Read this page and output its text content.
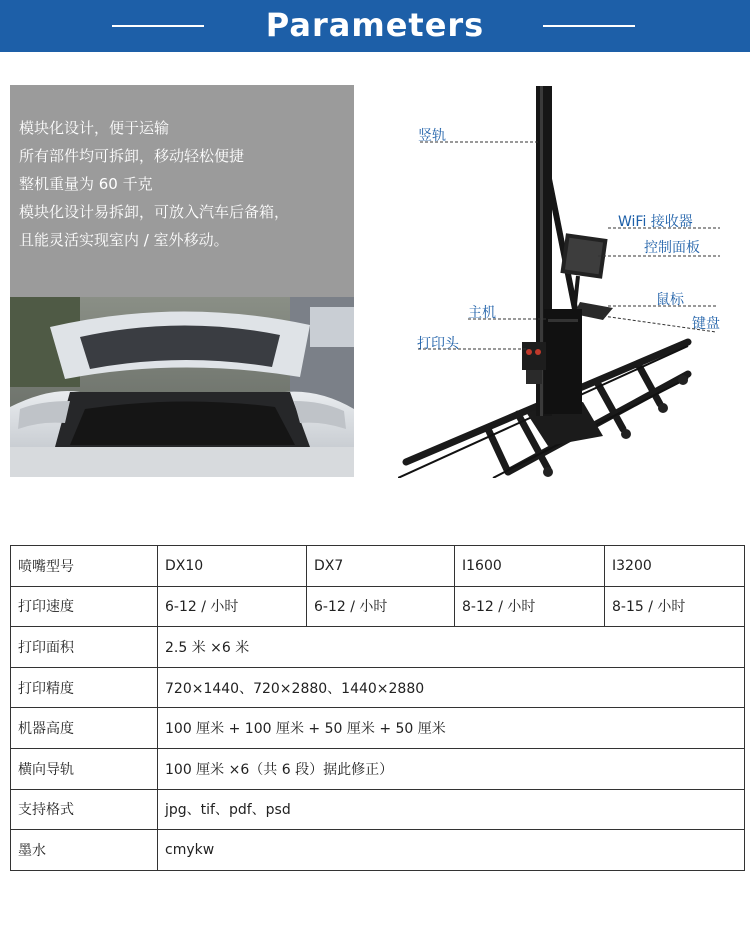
Parameters
模块化设计，便于运输
所有部件均可拆卸，移动轻松便捷
整机重量为 60 千克
模块化设计易拆卸，可放入汽车后备箱，
且能灵活实现室内 / 室外移动。
竖轨
WiFi 接收器
控制面板
鼠标
主机
键盘
打印头
喷嘴型号	DX10	DX7	I1600	I3200
打印速度	6-12 / 小时	6-12 / 小时	8-12 / 小时	8-15 / 小时
打印面积	2.5 米 ×6 米			
打印精度	720×1440、720×2880、1440×2880			
机器高度	100 厘米 + 100 厘米 + 50 厘米 + 50 厘米			
横向导轨	100 厘米 ×6（共 6 段）据此修正）			
支持格式	jpg、tif、pdf、psd			
墨水	cmykw			
